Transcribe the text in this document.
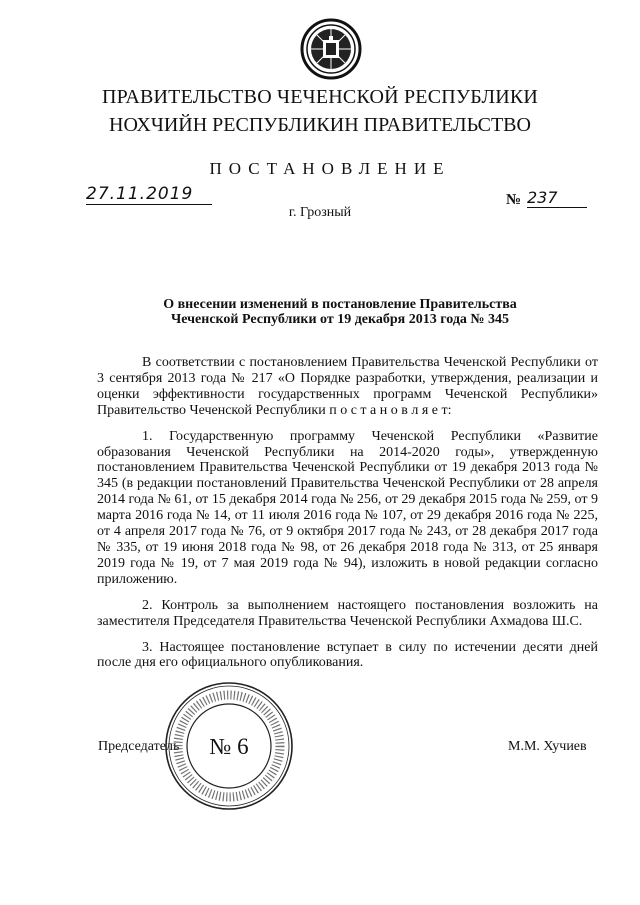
ПРАВИТЕЛЬСТВО ЧЕЧЕНСКОЙ РЕСПУБЛИКИ
НОХЧИЙН РЕСПУБЛИКИН ПРАВИТЕЛЬСТВО
ПОСТАНОВЛЕНИЕ
27.11.2019	№ 237
г. Грозный
О внесении изменений в постановление Правительства
Чеченской Республики от 19 декабря 2013 года № 345

В соответствии с постановлением Правительства Чеченской Республики от 3 сентября 2013 года № 217 «О Порядке разработки, утверждения, реализации и оценки эффективности государственных программ Чеченской Республики» Правительство Чеченской Республики п о с т а н о в л я е т:

1. Государственную программу Чеченской Республики «Развитие образования Чеченской Республики на 2014-2020 годы», утвержденную постановлением Правительства Чеченской Республики от 19 декабря 2013 года № 345 (в редакции постановлений Правительства Чеченской Республики от 28 апреля 2014 года № 61, от 15 декабря 2014 года № 256, от 29 декабря 2015 года № 259, от 9 марта 2016 года № 14, от 11 июля 2016 года № 107, от 29 декабря 2016 года № 225, от 4 апреля 2017 года № 76, от 9 октября 2017 года № 243, от 28 декабря 2017 года № 335, от 19 июня 2018 года № 98, от 26 декабря 2018 года № 313, от 25 января 2019 года № 19, от 7 мая 2019 года № 94), изложить в новой редакции согласно приложению.

2. Контроль за выполнением настоящего постановления возложить на заместителя Председателя Правительства Чеченской Республики Ахмадова Ш.С.

3. Настоящее постановление вступает в силу по истечении десяти дней после дня его официального опубликования.

Председатель	М.М. Хучиев
№ 6
